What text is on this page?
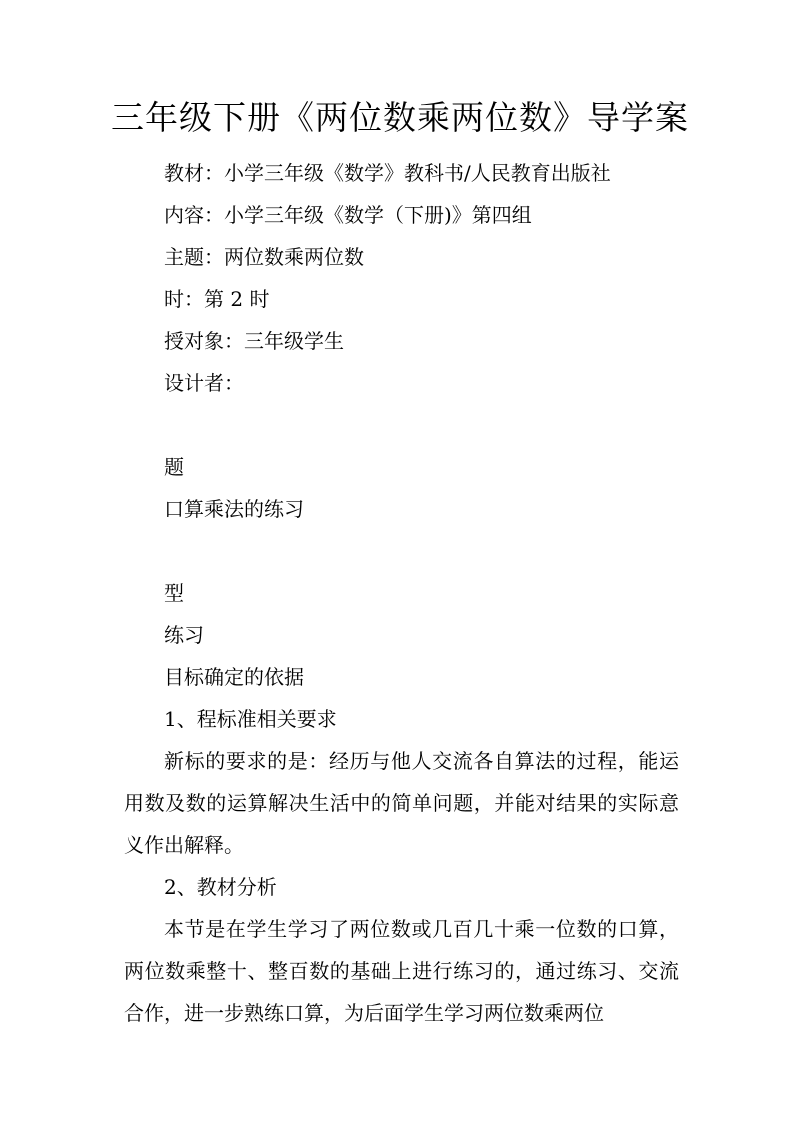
三年级下册《两位数乘两位数》导学案
教材：小学三年级《数学》教科书/人民教育出版社
内容：小学三年级《数学（下册)》第四组
主题：两位数乘两位数
时：第 2 时
授对象：三年级学生
设计者：
题
口算乘法的练习
型
练习
目标确定的依据
1、程标准相关要求
新标的要求的是：经历与他人交流各自算法的过程，能运用数及数的运算解决生活中的简单问题，并能对结果的实际意义作出解释。
2、教材分析
本节是在学生学习了两位数或几百几十乘一位数的口算，两位数乘整十、整百数的基础上进行练习的，通过练习、交流合作，进一步熟练口算，为后面学生学习两位数乘两位
